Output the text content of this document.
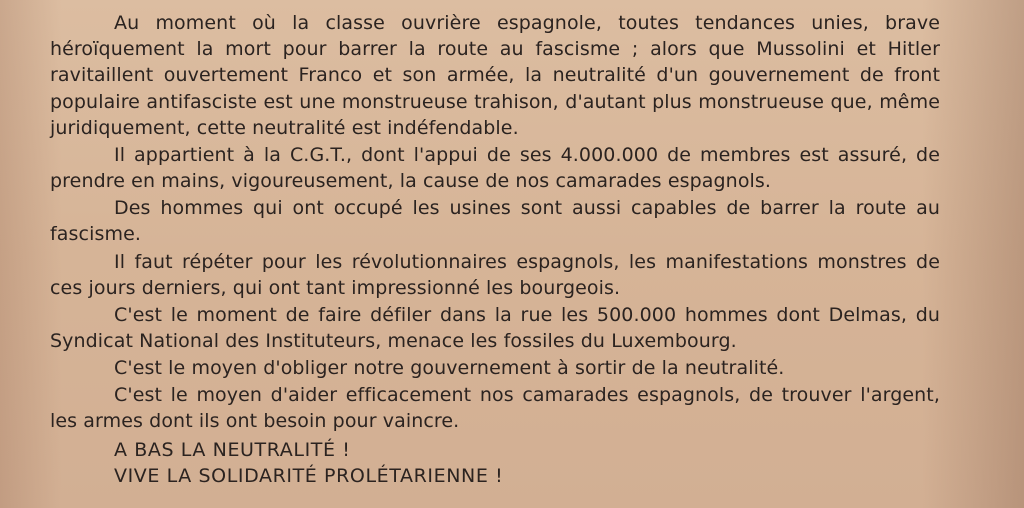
Au moment où la classe ouvrière espagnole, toutes tendances unies, brave héroïquement la mort pour barrer la route au fascisme ; alors que Mussolini et Hitler ravitaillent ouvertement Franco et son armée, la neutralité d'un gouvernement de front populaire antifasciste est une monstrueuse trahison, d'autant plus monstrueuse que, même juridiquement, cette neutralité est indéfendable.

Il appartient à la C.G.T., dont l'appui de ses 4.000.000 de membres est assuré, de prendre en mains, vigoureusement, la cause de nos camarades espagnols.

Des hommes qui ont occupé les usines sont aussi capables de barrer la route au fascisme.

Il faut répéter pour les révolutionnaires espagnols, les manifestations monstres de ces jours derniers, qui ont tant impressionné les bourgeois.

C'est le moment de faire défiler dans la rue les 500.000 hommes dont Delmas, du Syndicat National des Instituteurs, menace les fossiles du Luxembourg.

C'est le moyen d'obliger notre gouvernement à sortir de la neutralité.

C'est le moyen d'aider efficacement nos camarades espagnols, de trouver l'argent, les armes dont ils ont besoin pour vaincre.

A BAS LA NEUTRALITÉ !

VIVE LA SOLIDARITÉ PROLÉTARIENNE !
